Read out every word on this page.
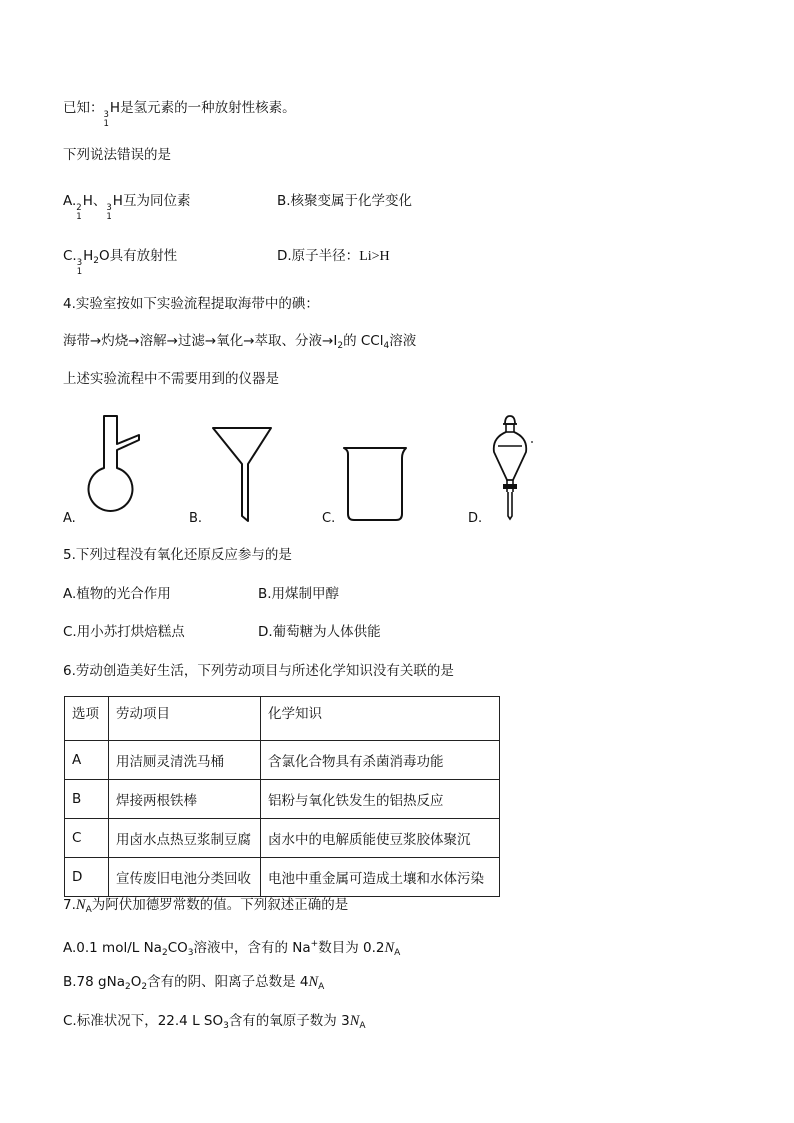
已知： 3
1
H是氢元素的一种放射性核素。
下列说法错误的是
A. 2
1
H、 3
1
H互为同位素	B.核聚变属于化学变化
C. 3
1
$H_2O$具有放射性	D.原子半径：Li>H
4.实验室按如下实验流程提取海带中的碘：
海带→灼烧→溶解→过滤→氧化→萃取、分液$\to I_2$的 CCl$_4$溶液
上述实验流程中不需要用到的仪器是
A.	B.	C.	D.
5.下列过程没有氧化还原反应参与的是
A.植物的光合作用	B.用煤制甲醇
C.用小苏打烘焙糕点	D.葡萄糖为人体供能
6.劳动创造美好生活，下列劳动项目与所述化学知识没有关联的是
选项	劳动项目	化学知识
A	用洁厕灵清洗马桶	含氯化合物具有杀菌消毒功能
B	焊接两根铁棒	铝粉与氧化铁发生的铝热反应
C	用卤水点热豆浆制豆腐	卤水中的电解质能使豆浆胶体聚沉
D	宣传废旧电池分类回收	电池中重金属可造成土壤和水体污染
$7.N_A$为阿伏加德罗常数的值。下列叙述正确的是
A.0.1 mol/L $Na_2CO_3$溶液中，含有的 Na+数目为 $0.2N_A$
B.78 $gNa_2O_2$含有的阴、阳离子总数是 $4N_A$
C.标准状况下，22.4 L $SO_3$含有的氧原子数为 $3N_A$
